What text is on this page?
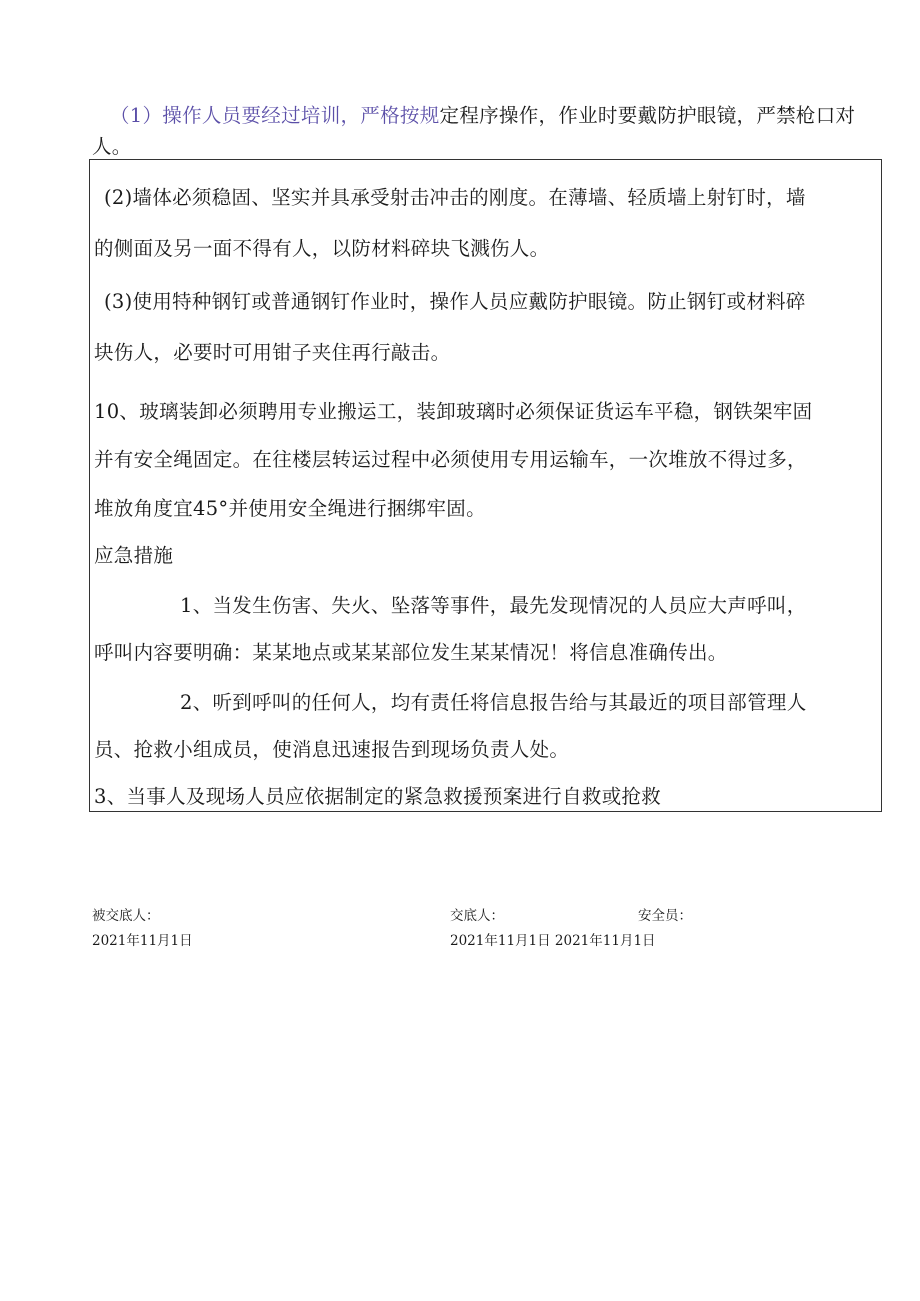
（1）操作人员要经过培训，严格按规定程序操作，作业时要戴防护眼镜，严禁枪口对人。

(2)墙体必须稳固、坚实并具承受射击冲击的刚度。在薄墙、轻质墙上射钉时，墙
的侧面及另一面不得有人，以防材料碎块飞溅伤人。
(3)使用特种钢钉或普通钢钉作业时，操作人员应戴防护眼镜。防止钢钉或材料碎
块伤人，必要时可用钳子夹住再行敲击。
10、玻璃装卸必须聘用专业搬运工，装卸玻璃时必须保证货运车平稳，钢铁架牢固
并有安全绳固定。在往楼层转运过程中必须使用专用运输车，一次堆放不得过多，
堆放角度宜45°并使用安全绳进行捆绑牢固。
应急措施
1、当发生伤害、失火、坠落等事件，最先发现情况的人员应大声呼叫，
呼叫内容要明确：某某地点或某某部位发生某某情况！将信息准确传出。
2、听到呼叫的任何人，均有责任将信息报告给与其最近的项目部管理人
员、抢救小组成员，使消息迅速报告到现场负责人处。
3、当事人及现场人员应依据制定的紧急救援预案进行自救或抢救
被交底人：
2021年11月1日
交底人：	安全员：
2021年11月1日 2021年11月1日
